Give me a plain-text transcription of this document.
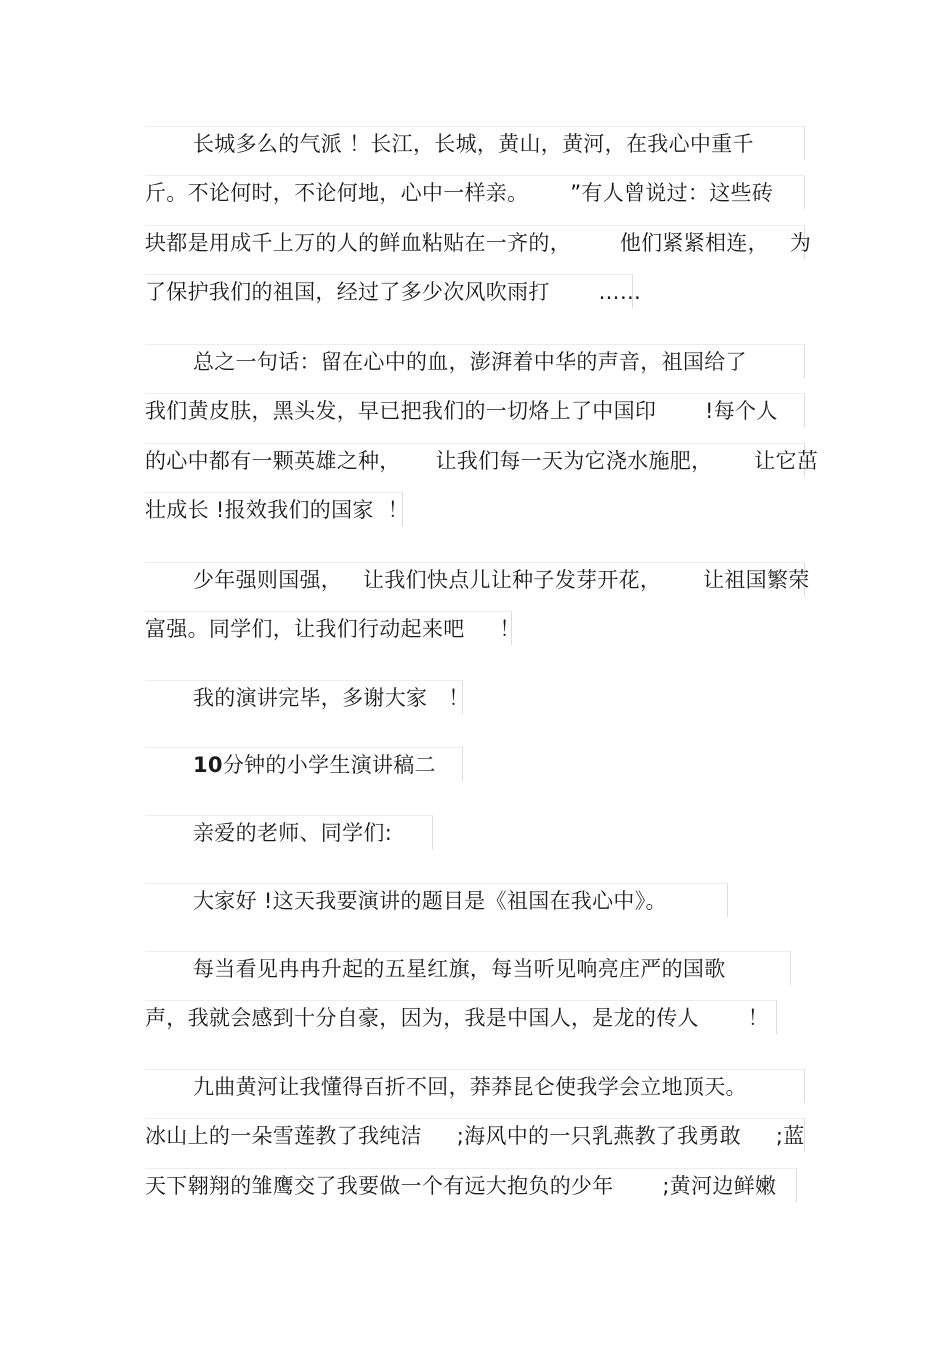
长城多么的气派 ！长江，长城，黄山，黄河，在我心中重千
斤。不论何时，不论何地，心中一样亲。      ”有人曾说过：这些砖
块都是用成千上万的人的鲜血粘贴在一齐的，       他们紧紧相连，   为
了保护我们的祖国，经过了多少次风吹雨打       ……
总之一句话：留在心中的血，澎湃着中华的声音，祖国给了
我们黄皮肤，黑头发，早已把我们的一切烙上了中国印       !每个人
的心中都有一颗英雄之种，     让我们每一天为它浇水施肥，      让它茁
壮成长 !报效我们的国家  ！
少年强则国强，   让我们快点儿让种子发芽开花，      让祖国繁荣
富强。同学们，让我们行动起来吧     ！
我的演讲完毕，多谢大家   ！
10分钟的小学生演讲稿二
亲爱的老师、同学们:
大家好 !这天我要演讲的题目是《祖国在我心中》。
每当看见冉冉升起的五星红旗，每当听见响亮庄严的国歌
声，我就会感到十分自豪，因为，我是中国人，是龙的传人       ！
九曲黄河让我懂得百折不回，莽莽昆仑使我学会立地顶天。
冰山上的一朵雪莲教了我纯洁     ;海风中的一只乳燕教了我勇敢     ;蓝
天下翱翔的雏鹰交了我要做一个有远大抱负的少年       ;黄河边鲜嫩
